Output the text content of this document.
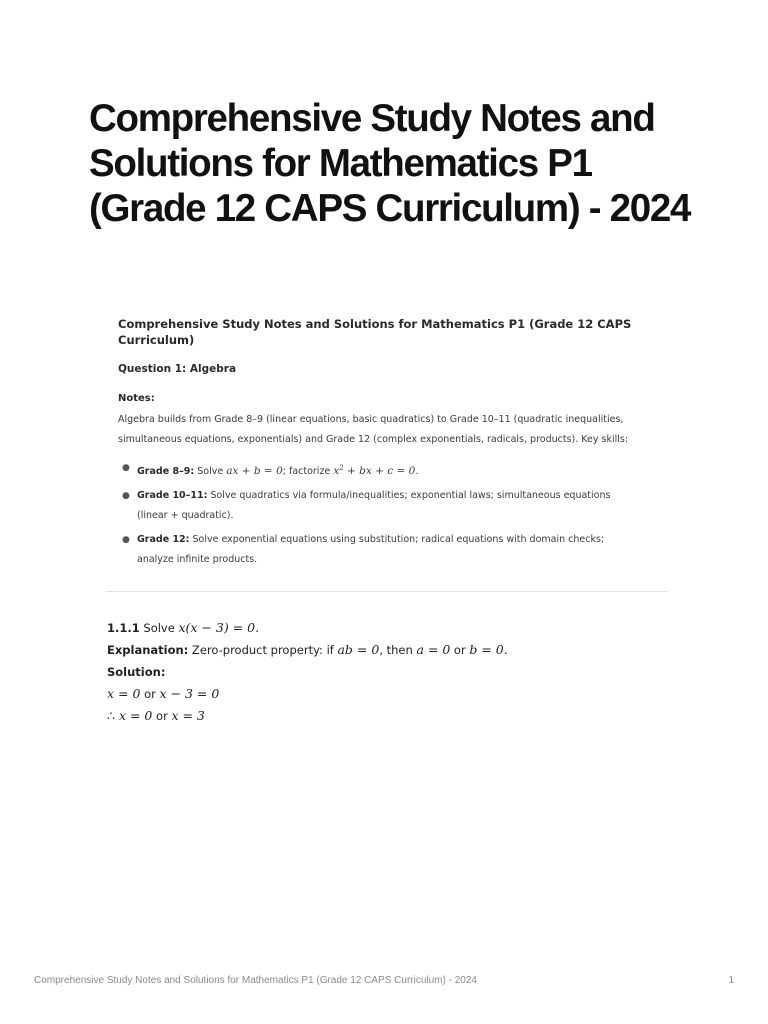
Comprehensive Study Notes and Solutions for Mathematics P1 (Grade 12 CAPS Curriculum) - 2024
Comprehensive Study Notes and Solutions for Mathematics P1 (Grade 12 CAPS Curriculum)
Question 1: Algebra
Notes:
Algebra builds from Grade 8–9 (linear equations, basic quadratics) to Grade 10–11 (quadratic inequalities, simultaneous equations, exponentials) and Grade 12 (complex exponentials, radicals, products). Key skills:
● Grade 8–9: Solve ax + b = 0; factorize $x^2$ + bx + c = 0.
● Grade 10–11: Solve quadratics via formula/inequalities; exponential laws; simultaneous equations (linear + quadratic).
● Grade 12: Solve exponential equations using substitution; radical equations with domain checks; analyze infinite products.
1.1.1 Solve x(x − 3) = 0.
Explanation: Zero-product property: if ab = 0, then a = 0 or b = 0.
Solution:
x = 0 or x − 3 = 0
∴ x = 0 or x = 3
Comprehensive Study Notes and Solutions for Mathematics P1 (Grade 12 CAPS Curriculum) - 2024	1
